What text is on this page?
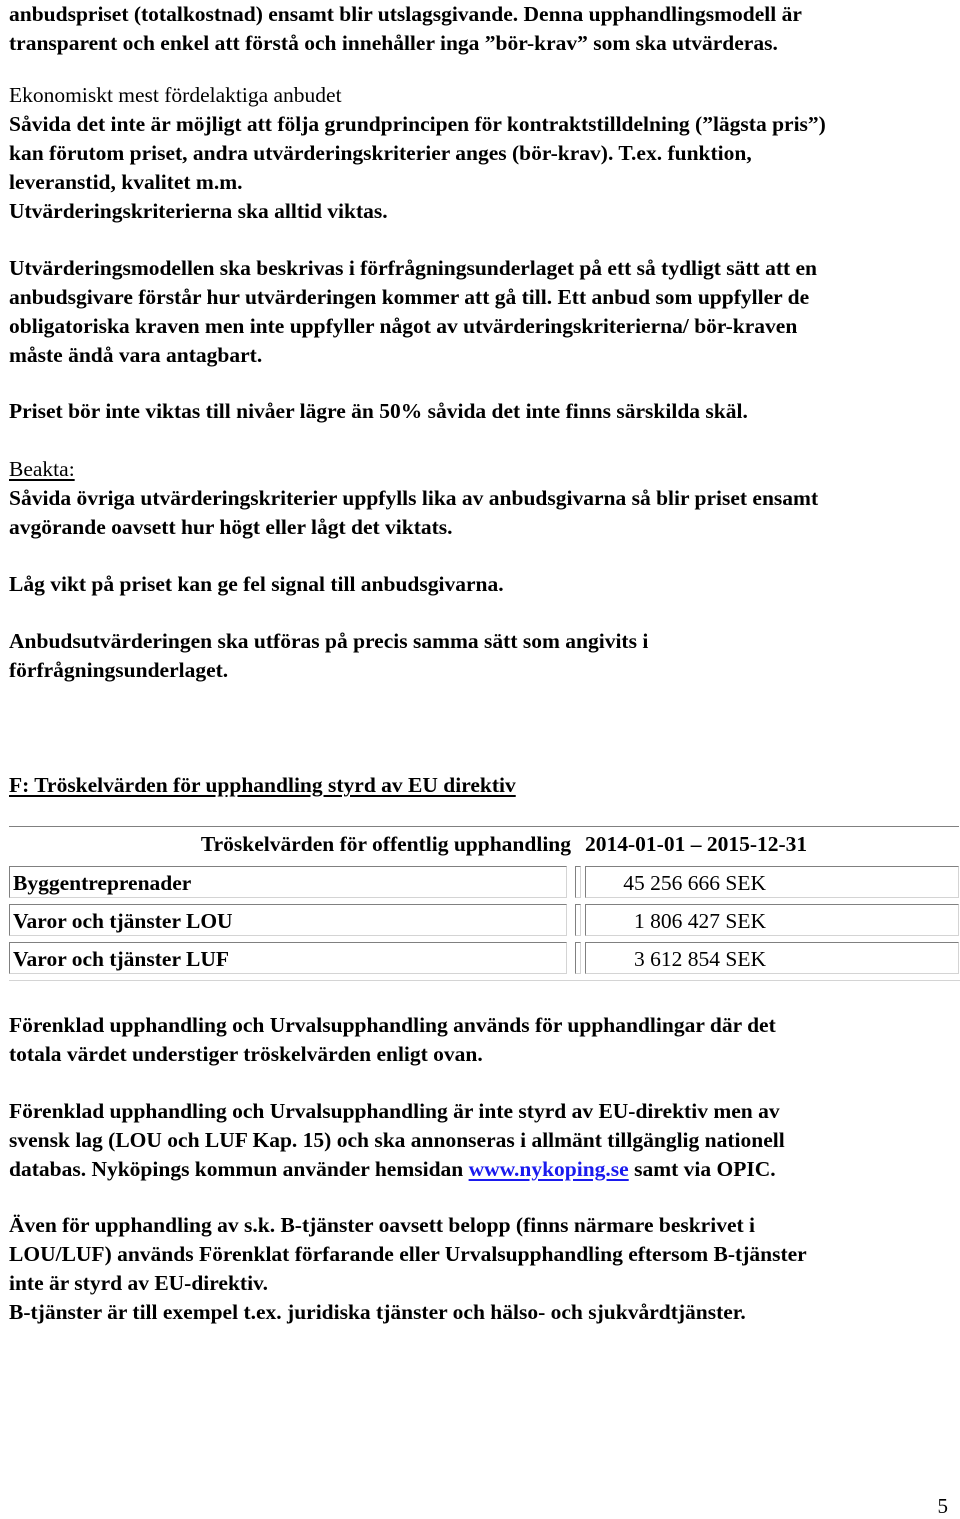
anbudspriset (totalkostnad) ensamt blir utslagsgivande. Denna upphandlingsmodell är
transparent och enkel att förstå och innehåller inga ”bör-krav” som ska utvärderas.
Ekonomiskt mest fördelaktiga anbudet
Såvida det inte är möjligt att följa grundprincipen för kontraktstilldelning (”lägsta pris”)
kan förutom priset, andra utvärderingskriterier anges (bör-krav). T.ex. funktion,
leveranstid, kvalitet m.m.
Utvärderingskriterierna ska alltid viktas.
Utvärderingsmodellen ska beskrivas i förfrågningsunderlaget på ett så tydligt sätt att en
anbudsgivare förstår hur utvärderingen kommer att gå till. Ett anbud som uppfyller de
obligatoriska kraven men inte uppfyller något av utvärderingskriterierna/ bör-kraven
måste ändå vara antagbart.
Priset bör inte viktas till nivåer lägre än 50% såvida det inte finns särskilda skäl.
Beakta:
Såvida övriga utvärderingskriterier uppfylls lika av anbudsgivarna så blir priset ensamt
avgörande oavsett hur högt eller lågt det viktats.
Låg vikt på priset kan ge fel signal till anbudsgivarna.
Anbudsutvärderingen ska utföras på precis samma sätt som angivits i
förfrågningsunderlaget.
F: Tröskelvärden för upphandling styrd av EU direktiv
Tröskelvärden för offentlig upphandling 2014-01-01 – 2015-12-31
Byggentreprenader	45 256 666 SEK
Varor och tjänster LOU	1 806 427 SEK
Varor och tjänster LUF	3 612 854 SEK
Förenklad upphandling och Urvalsupphandling används för upphandlingar där det
totala värdet understiger tröskelvärden enligt ovan.
Förenklad upphandling och Urvalsupphandling är inte styrd av EU-direktiv men av
svensk lag (LOU och LUF Kap. 15) och ska annonseras i allmänt tillgänglig nationell
databas. Nyköpings kommun använder hemsidan www.nykoping.se samt via OPIC.
Även för upphandling av s.k. B-tjänster oavsett belopp (finns närmare beskrivet i
LOU/LUF) används Förenklat förfarande eller Urvalsupphandling eftersom B-tjänster
inte är styrd av EU-direktiv.
B-tjänster är till exempel t.ex. juridiska tjänster och hälso- och sjukvårdtjänster.
5
